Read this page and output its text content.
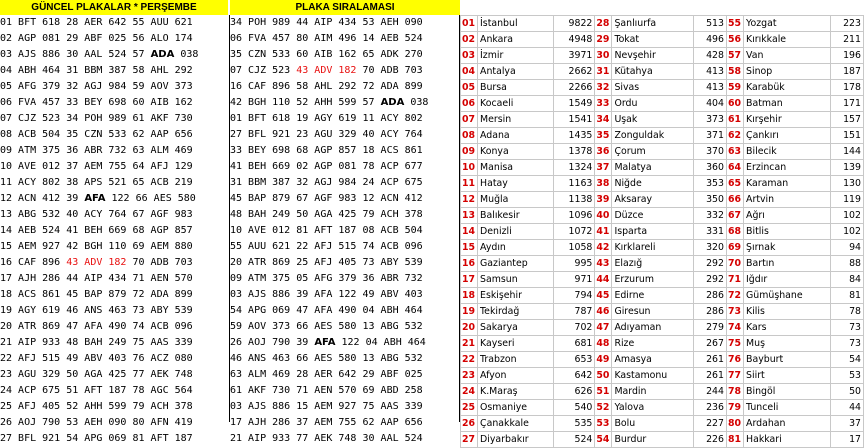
GÜNCEL PLAKALAR * PERŞEMBE	PLAKA SIRALAMASI
01 BFT 618 28 AER 642 55 AUU 621
02 AGP 081 29 ABF 025 56 ALO 174
03 AJS 886 30 AAL 524 57 ADA 038
04 ABH 464 31 BBM 387 58 AHL 292
05 AFG 379 32 AGJ 984 59 AOV 373
06 FVA 457 33 BEY 698 60 AIB 162
07 CJZ 523 34 POH 989 61 AKF 730
08 ACB 504 35 CZN 533 62 AAP 656
09 ATM 375 36 ABR 732 63 ALM 469
10 AVE 012 37 AEM 755 64 AFJ 129
11 ACY 802 38 APS 521 65 ACB 219
12 ACN 412 39 AFA 122 66 AES 580
13 ABG 532 40 ACY 764 67 AGF 983
14 AEB 524 41 BEH 669 68 AGP 857
15 AEM 927 42 BGH 110 69 AEM 880
16 CAF 896 43 ADV 182 70 ADB 703
17 AJH 286 44 AIP 434 71 AEN 570
18 ACS 861 45 BAP 879 72 ADA 899
19 AGY 619 46 ANS 463 73 ABY 539
20 ATR 869 47 AFA 490 74 ACB 096
21 AIP 933 48 BAH 249 75 AAS 339
22 AFJ 515 49 ABV 403 76 ACZ 080
23 AGU 329 50 AGA 425 77 AEK 748
24 ACP 675 51 AFT 187 78 AGC 564
25 AFJ 405 52 AHH 599 79 ACH 378
26 AOJ 790 53 AEH 090 80 AFN 419
27 BFL 921 54 APG 069 81 AFT 187
34 POH 989 44 AIP 434 53 AEH 090
06 FVA 457 80 AIM 496 14 AEB 524
35 CZN 533 60 AIB 162 65 ADK 270
07 CJZ 523 43 ADV 182 70 ADB 703
16 CAF 896 58 AHL 292 72 ADA 899
42 BGH 110 52 AHH 599 57 ADA 038
01 BFT 618 19 AGY 619 11 ACY 802
27 BFL 921 23 AGU 329 40 ACY 764
33 BEY 698 68 AGP 857 18 ACS 861
41 BEH 669 02 AGP 081 78 ACP 677
31 BBM 387 32 AGJ 984 24 ACP 675
45 BAP 879 67 AGF 983 12 ACN 412
48 BAH 249 50 AGA 425 79 ACH 378
10 AVE 012 81 AFT 187 08 ACB 504
55 AUU 621 22 AFJ 515 74 ACB 096
20 ATR 869 25 AFJ 405 73 ABY 539
09 ATM 375 05 AFG 379 36 ABR 732
03 AJS 886 39 AFA 122 49 ABV 403
54 APG 069 47 AFA 490 04 ABH 464
59 AOV 373 66 AES 580 13 ABG 532
26 AOJ 790 39 AFA 122 04 ABH 464
46 ANS 463 66 AES 580 13 ABG 532
63 ALM 469 28 AER 642 29 ABF 025
61 AKF 730 71 AEN 570 69 ABD 258
03 AJS 886 15 AEM 927 75 AAS 339
17 AJH 286 37 AEM 755 62 AAP 656
21 AIP 933 77 AEK 748 30 AAL 524
01	İstanbul	9822	28	Şanlıurfa	513	55	Yozgat	223
02	Ankara	4948	29	Tokat	496	56	Kırıkkale	211
03	İzmir	3971	30	Nevşehir	428	57	Van	196
04	Antalya	2662	31	Kütahya	413	58	Sinop	187
05	Bursa	2266	32	Sivas	413	59	Karabük	178
06	Kocaeli	1549	33	Ordu	404	60	Batman	171
07	Mersin	1541	34	Uşak	373	61	Kırşehir	157
08	Adana	1435	35	Zonguldak	371	62	Çankırı	151
09	Konya	1378	36	Çorum	370	63	Bilecik	144
10	Manisa	1324	37	Malatya	360	64	Erzincan	139
11	Hatay	1163	38	Niğde	353	65	Karaman	130
12	Muğla	1138	39	Aksaray	350	66	Artvin	119
13	Balıkesir	1096	40	Düzce	332	67	Ağrı	102
14	Denizli	1072	41	Isparta	331	68	Bitlis	102
15	Aydın	1058	42	Kırklareli	320	69	Şırnak	94
16	Gaziantep	995	43	Elazığ	292	70	Bartın	88
17	Samsun	971	44	Erzurum	292	71	Iğdır	84
18	Eskişehir	794	45	Edirne	286	72	Gümüşhane	81
19	Tekirdağ	787	46	Giresun	286	73	Kilis	78
20	Sakarya	702	47	Adıyaman	279	74	Kars	73
21	Kayseri	681	48	Rize	267	75	Muş	73
22	Trabzon	653	49	Amasya	261	76	Bayburt	54
23	Afyon	642	50	Kastamonu	261	77	Siirt	53
24	K.Maraş	626	51	Mardin	244	78	Bingöl	50
25	Osmaniye	540	52	Yalova	236	79	Tunceli	44
26	Çanakkale	535	53	Bolu	227	80	Ardahan	37
27	Diyarbakır	524	54	Burdur	226	81	Hakkari	17
